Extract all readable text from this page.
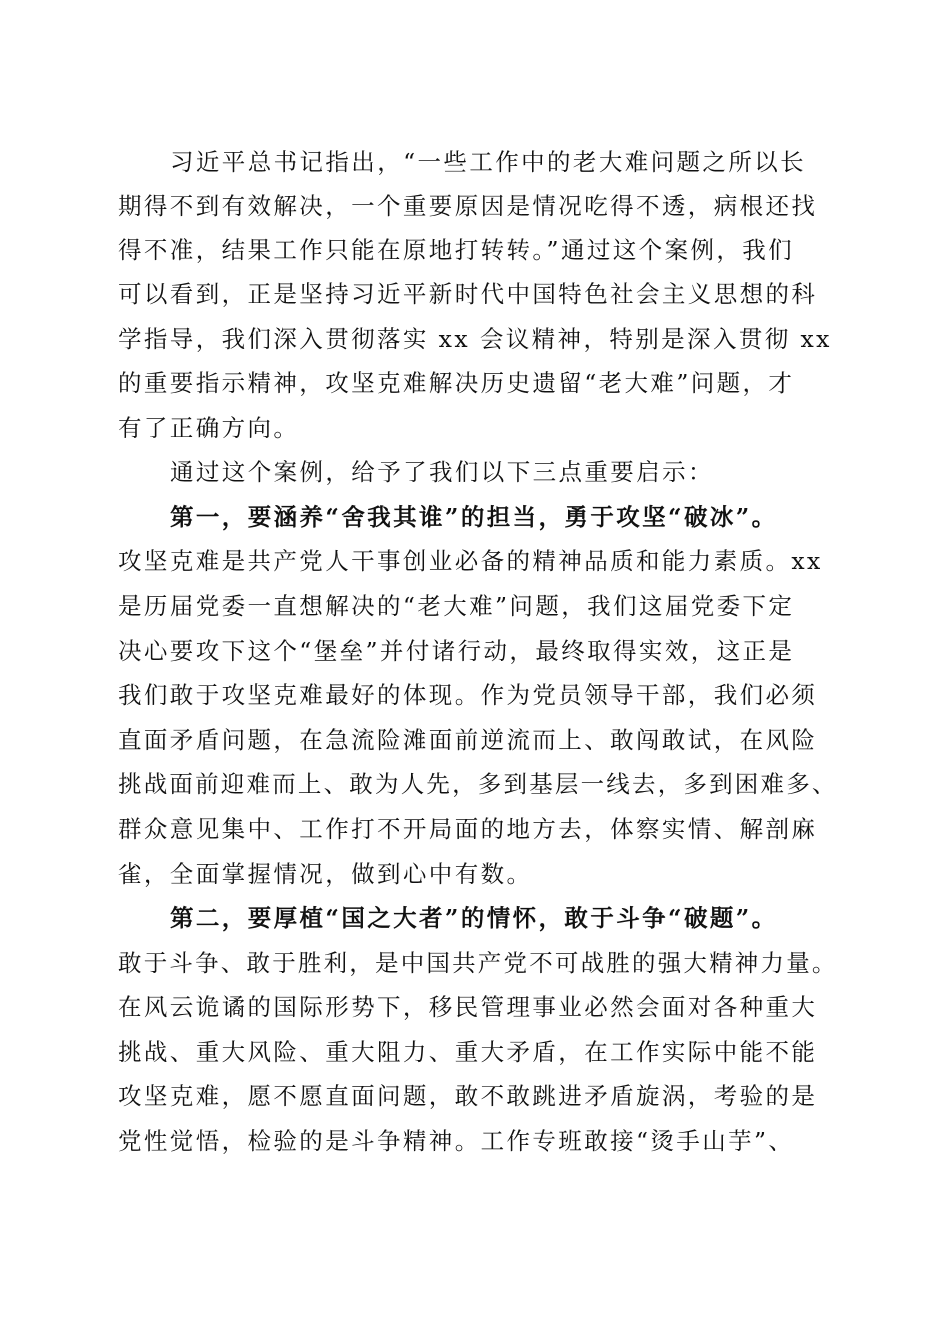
习近平总书记指出，“一些工作中的老大难问题之所以长
期得不到有效解决，一个重要原因是情况吃得不透，病根还找
得不准，结果工作只能在原地打转转。”通过这个案例，我们
可以看到，正是坚持习近平新时代中国特色社会主义思想的科
学指导，我们深入贯彻落实 xx 会议精神，特别是深入贯彻 xx
的重要指示精神，攻坚克难解决历史遗留“老大难”问题，才
有了正确方向。
通过这个案例，给予了我们以下三点重要启示：
第一，要涵养“舍我其谁”的担当，勇于攻坚“破冰”。
攻坚克难是共产党人干事创业必备的精神品质和能力素质。xx
是历届党委一直想解决的“老大难”问题，我们这届党委下定
决心要攻下这个“堡垒”并付诸行动，最终取得实效，这正是
我们敢于攻坚克难最好的体现。作为党员领导干部，我们必须
直面矛盾问题，在急流险滩面前逆流而上、敢闯敢试，在风险
挑战面前迎难而上、敢为人先，多到基层一线去，多到困难多、
群众意见集中、工作打不开局面的地方去，体察实情、解剖麻
雀，全面掌握情况，做到心中有数。
第二，要厚植“国之大者”的情怀，敢于斗争“破题”。
敢于斗争、敢于胜利，是中国共产党不可战胜的强大精神力量。
在风云诡谲的国际形势下，移民管理事业必然会面对各种重大
挑战、重大风险、重大阻力、重大矛盾，在工作实际中能不能
攻坚克难，愿不愿直面问题，敢不敢跳进矛盾旋涡，考验的是
党性觉悟，检验的是斗争精神。工作专班敢接“烫手山芋”、
